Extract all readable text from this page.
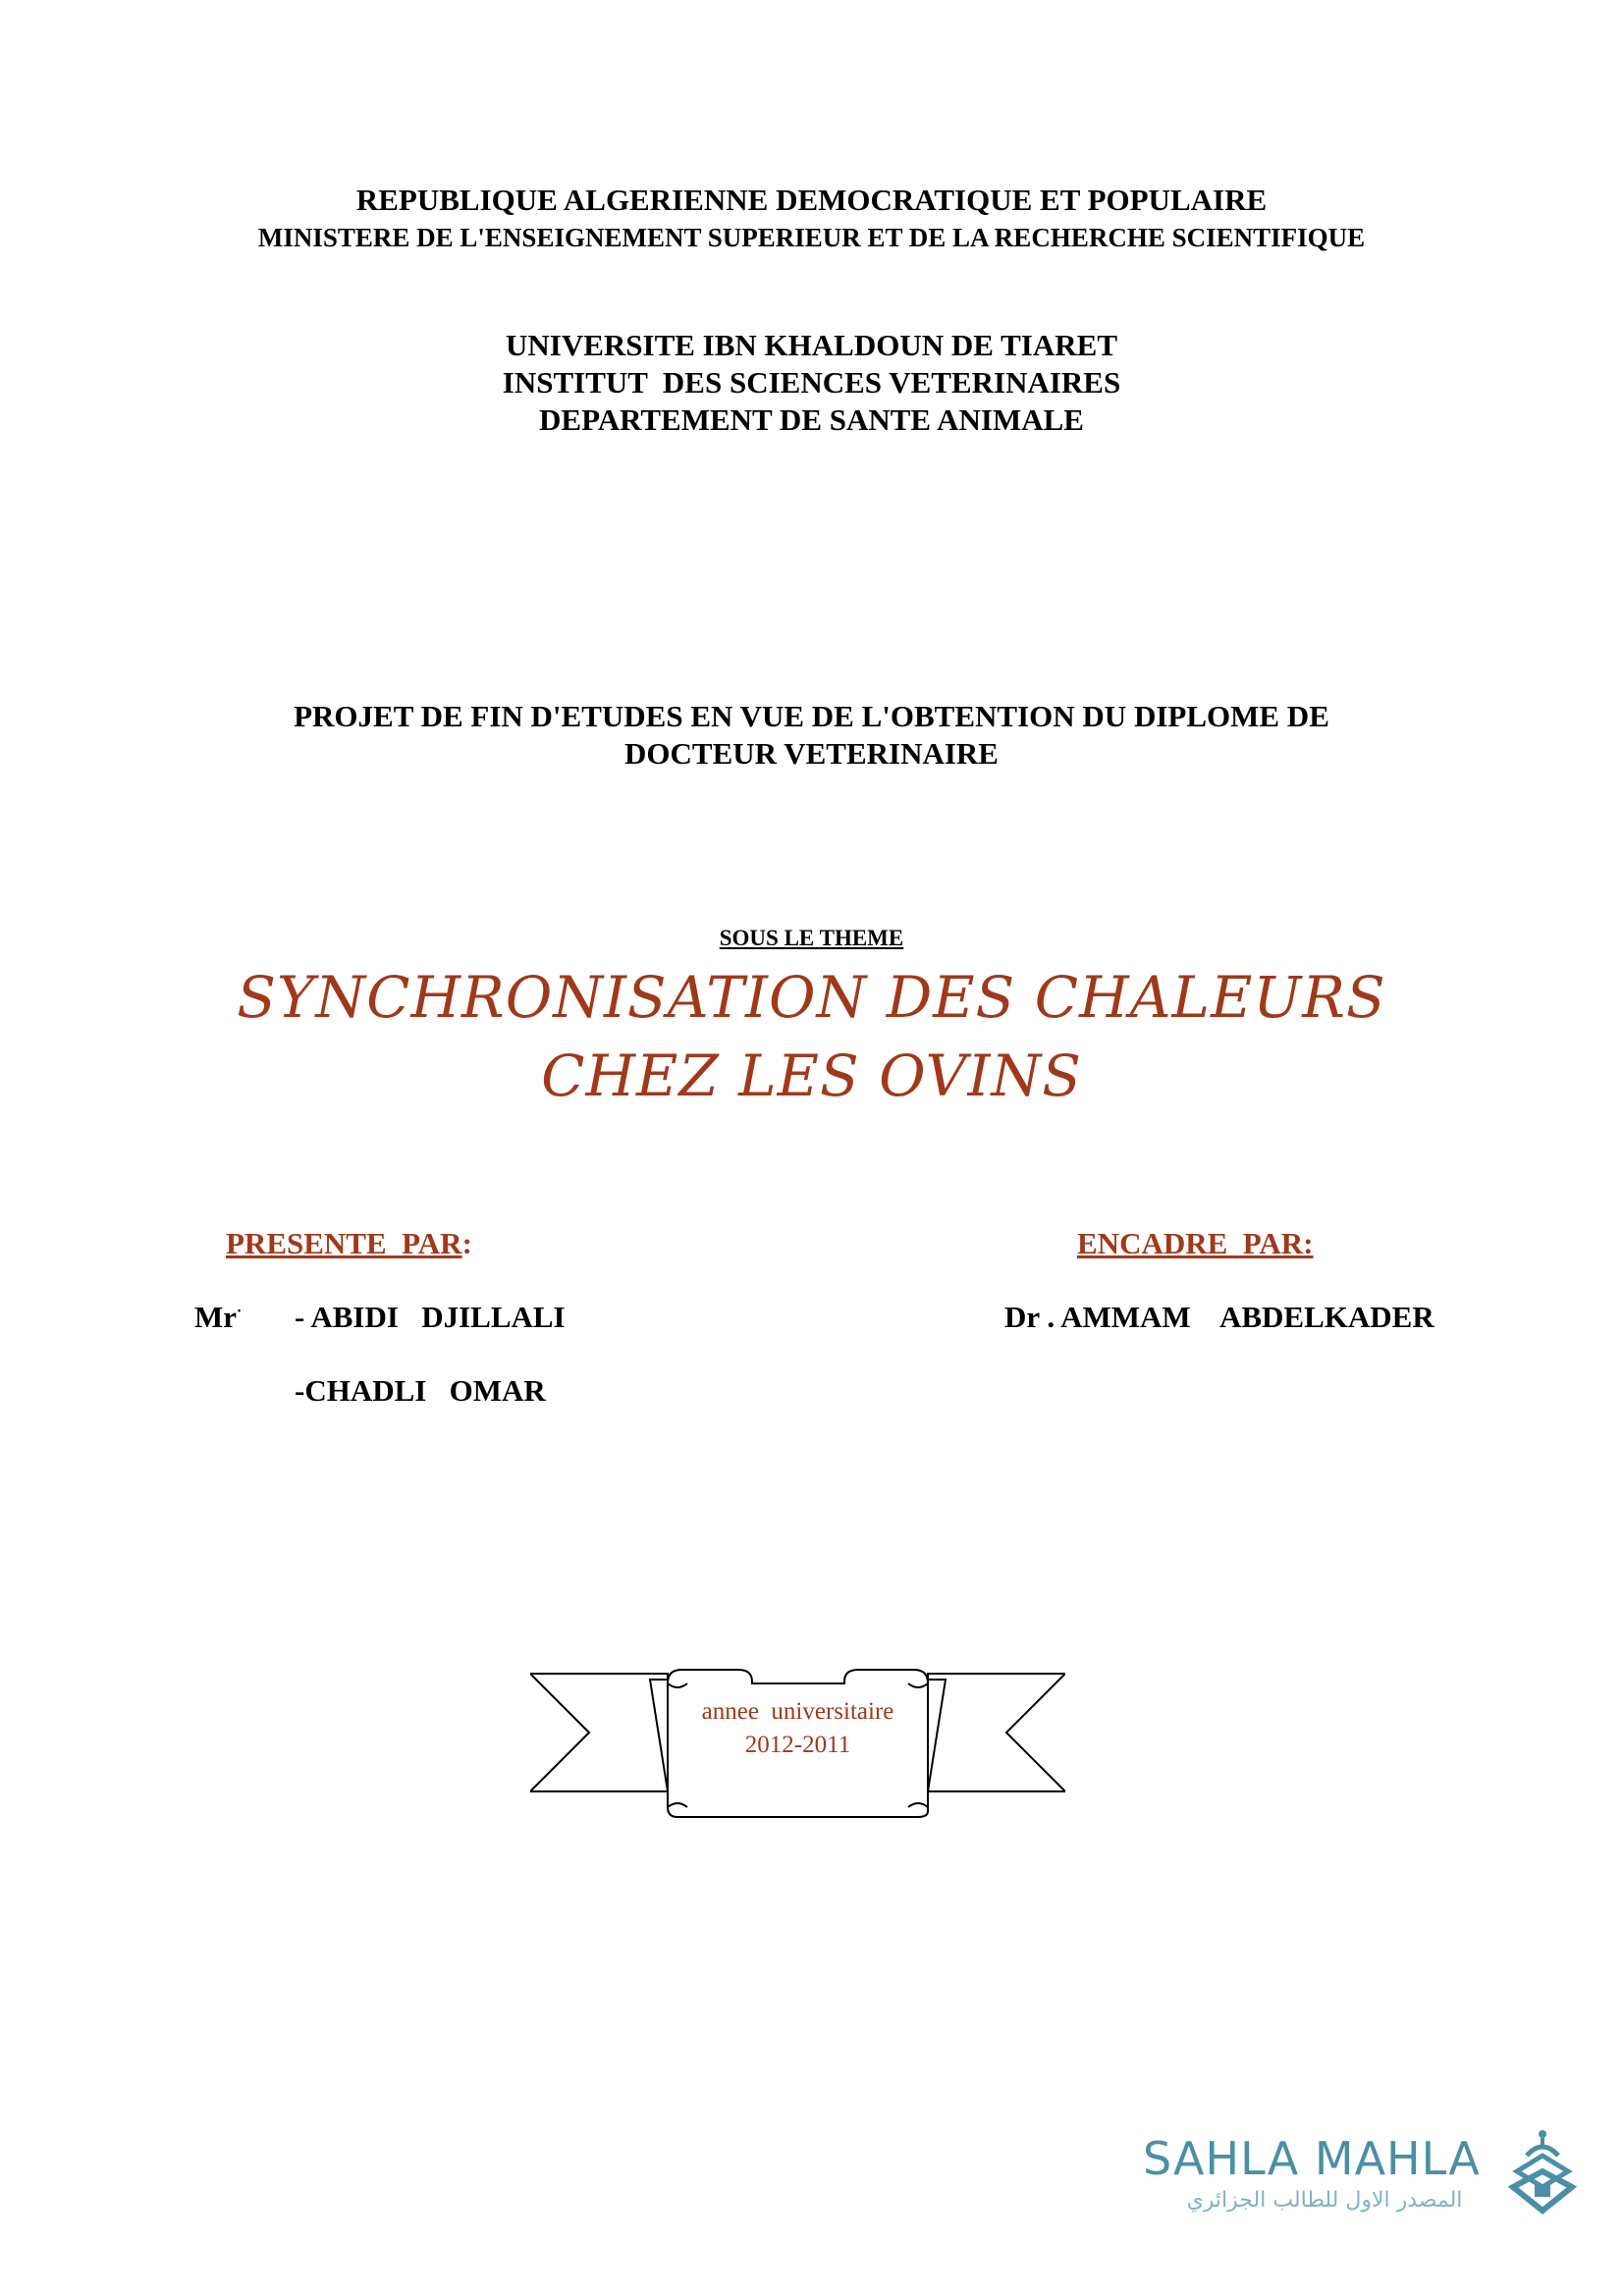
REPUBLIQUE ALGERIENNE DEMOCRATIQUE ET POPULAIRE
MINISTERE DE L'ENSEIGNEMENT SUPERIEUR ET DE LA RECHERCHE SCIENTIFIQUE
UNIVERSITE IBN KHALDOUN DE TIARET
INSTITUT  DES SCIENCES VETERINAIRES
DEPARTEMENT DE SANTE ANIMALE
PROJET DE FIN D'ETUDES EN VUE DE L'OBTENTION DU DIPLOME DE
DOCTEUR VETERINAIRE
SOUS LE THEME
SYNCHRONISATION DES CHALEURS
CHEZ LES OVINS
PRESENTE  PAR:	ENCADRE  PAR:
Mr· - ABIDI   DJILLALI
-CHADLI   OMAR
Dr . AMMAM    ABDELKADER
annee  universitaire
2012-2011
SAHLA MAHLA
المصدر الاول للطالب الجزائري
